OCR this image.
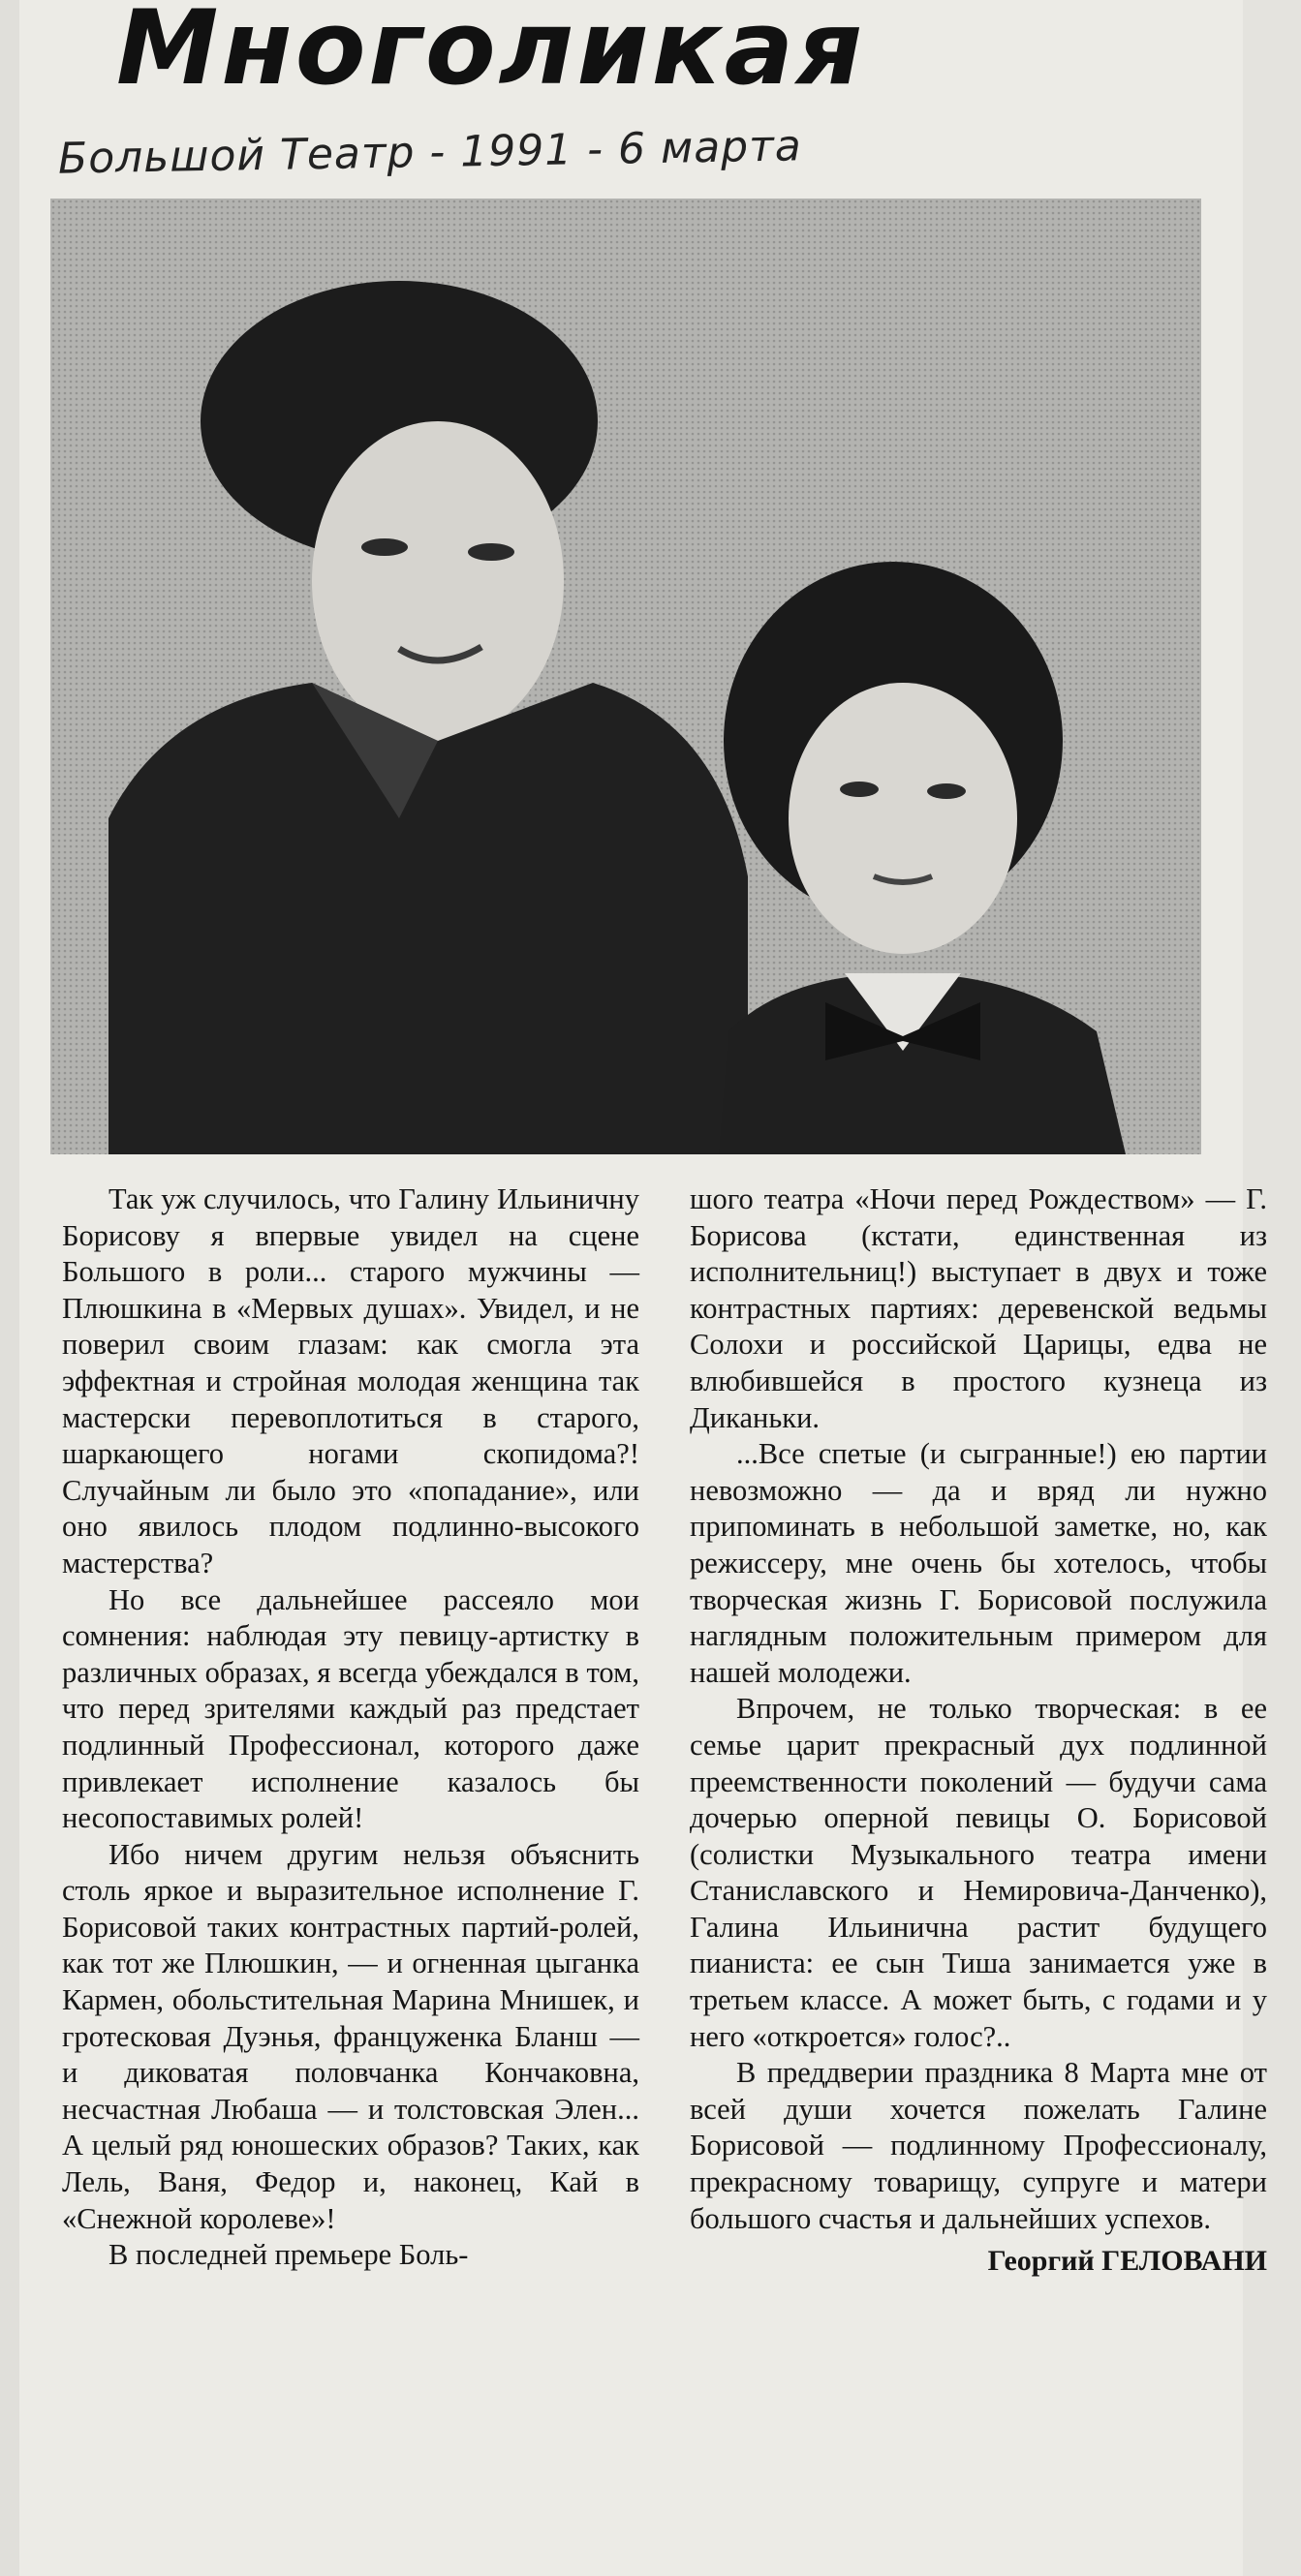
Многоликая
Большой Театр - 1991 - 6 марта

Так уж случилось, что Галину Ильиничну Борисову я впервые увидел на сцене Большого в роли... старого мужчины — Плюшкина в «Мервых душах». Увидел, и не поверил своим глазам: как смогла эта эффектная и стройная молодая женщина так мастерски перевоплотиться в старого, шаркающего ногами скопидома?! Случайным ли было это «попадание», или оно явилось плодом подлинно-высокого мастерства?

Но все дальнейшее рассеяло мои сомнения: наблюдая эту певицу-артистку в различных образах, я всегда убеждался в том, что перед зрителями каждый раз предстает подлинный Профессионал, которого даже привлекает исполнение казалось бы несопоставимых ролей!

Ибо ничем другим нельзя объяснить столь яркое и выразительное исполнение Г. Борисовой таких контрастных партий-ролей, как тот же Плюшкин, — и огненная цыганка Кармен, обольстительная Марина Мнишек, и гротесковая Дуэнья, француженка Бланш — и диковатая половчанка Кончаковна, несчастная Любаша — и толстовская Элен... А целый ряд юношеских образов? Таких, как Лель, Ваня, Федор и, наконец, Кай в «Снежной королеве»!

В последней премьере Боль-

шого театра «Ночи перед Рождеством» — Г. Борисова (кстати, единственная из исполнительниц!) выступает в двух и тоже контрастных партиях: деревенской ведьмы Солохи и российской Царицы, едва не влюбившейся в простого кузнеца из Диканьки.

...Все спетые (и сыгранные!) ею партии невозможно — да и вряд ли нужно припоминать в небольшой заметке, но, как режиссеру, мне очень бы хотелось, чтобы творческая жизнь Г. Борисовой послужила наглядным положительным примером для нашей молодежи.

Впрочем, не только творческая: в ее семье царит прекрасный дух подлинной преемственности поколений — будучи сама дочерью оперной певицы О. Борисовой (солистки Музыкального театра имени Станиславского и Немировича-Данченко), Галина Ильинична растит будущего пианиста: ее сын Тиша занимается уже в третьем классе. А может быть, с годами и у него «откроется» голос?..

В преддверии праздника 8 Марта мне от всей души хочется пожелать Галине Борисовой — подлинному Профессионалу, прекрасному товарищу, супруге и матери большого счастья и дальнейших успехов.

Георгий ГЕЛОВАНИ
